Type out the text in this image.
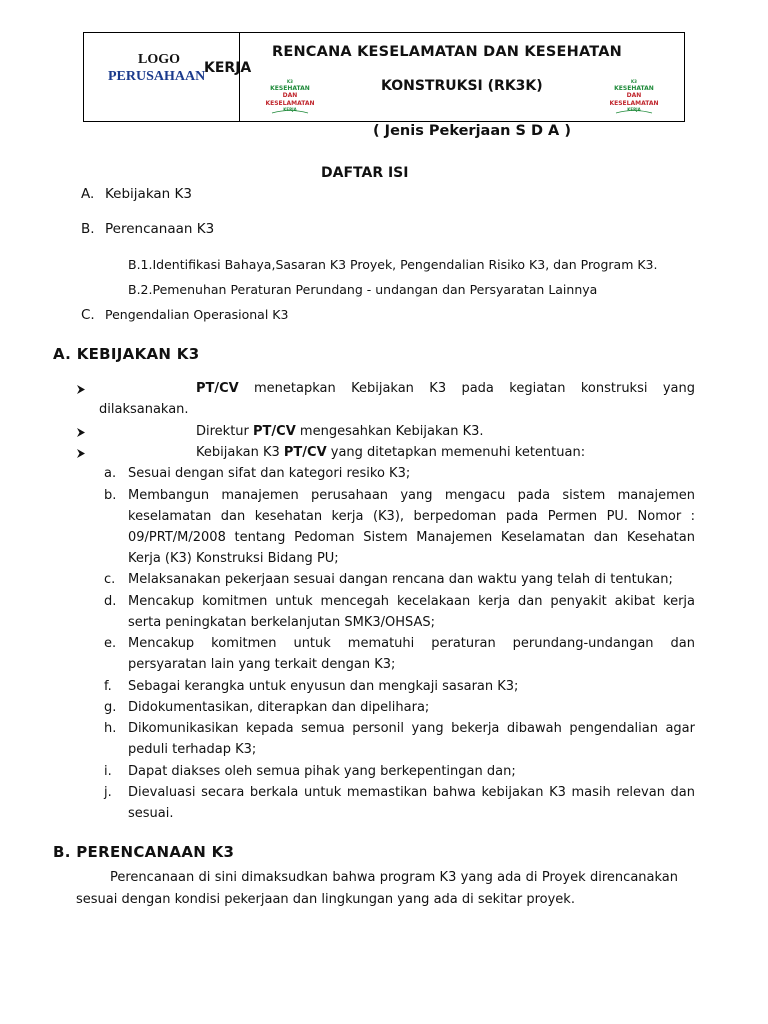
LOGO
PERUSAHAAN
KERJA
RENCANA KESELAMATAN DAN KESEHATAN
KONSTRUKSI (RK3K)
K3
KESEHATAN
DAN
KESELAMATAN
KERJA
K3
KESEHATAN
DAN
KESELAMATAN
KERJA
( Jenis Pekerjaan S D A )
DAFTAR ISI
A. Kebijakan K3
B. Perencanaan K3
B.1.Identifikasi Bahaya,Sasaran K3 Proyek, Pengendalian Risiko K3, dan Program K3.
B.2.Pemenuhan Peraturan Perundang - undangan dan Persyaratan Lainnya
C. Pengendalian Operasional K3
A. KEBIJAKAN K3
PT/CV menetapkan Kebijakan K3 pada kegiatan konstruksi yang
dilaksanakan.
Direktur PT/CV mengesahkan Kebijakan K3.
Kebijakan K3 PT/CV yang ditetapkan memenuhi ketentuan:
a. Sesuai dengan sifat dan kategori resiko K3;
b. Membangun manajemen perusahaan yang mengacu pada sistem manajemen
keselamatan dan kesehatan kerja (K3), berpedoman pada Permen PU. Nomor :
09/PRT/M/2008 tentang Pedoman Sistem Manajemen Keselamatan dan Kesehatan
Kerja (K3) Konstruksi Bidang PU;
c. Melaksanakan pekerjaan sesuai dangan rencana dan waktu yang telah di tentukan;
d. Mencakup komitmen untuk mencegah kecelakaan kerja dan penyakit akibat kerja
serta peningkatan berkelanjutan SMK3/OHSAS;
e. Mencakup komitmen untuk mematuhi peraturan perundang-undangan dan
persyaratan lain yang terkait dengan K3;
f. Sebagai kerangka untuk enyusun dan mengkaji sasaran K3;
g. Didokumentasikan, diterapkan dan dipelihara;
h. Dikomunikasikan kepada semua personil yang bekerja dibawah pengendalian agar
peduli terhadap K3;
i. Dapat diakses oleh semua pihak yang berkepentingan dan;
j. Dievaluasi secara berkala untuk memastikan bahwa kebijakan K3 masih relevan dan
sesuai.
B. PERENCANAAN K3
Perencanaan di sini dimaksudkan bahwa program K3 yang ada di Proyek direncanakan
sesuai dengan kondisi pekerjaan dan lingkungan yang ada di sekitar proyek.
